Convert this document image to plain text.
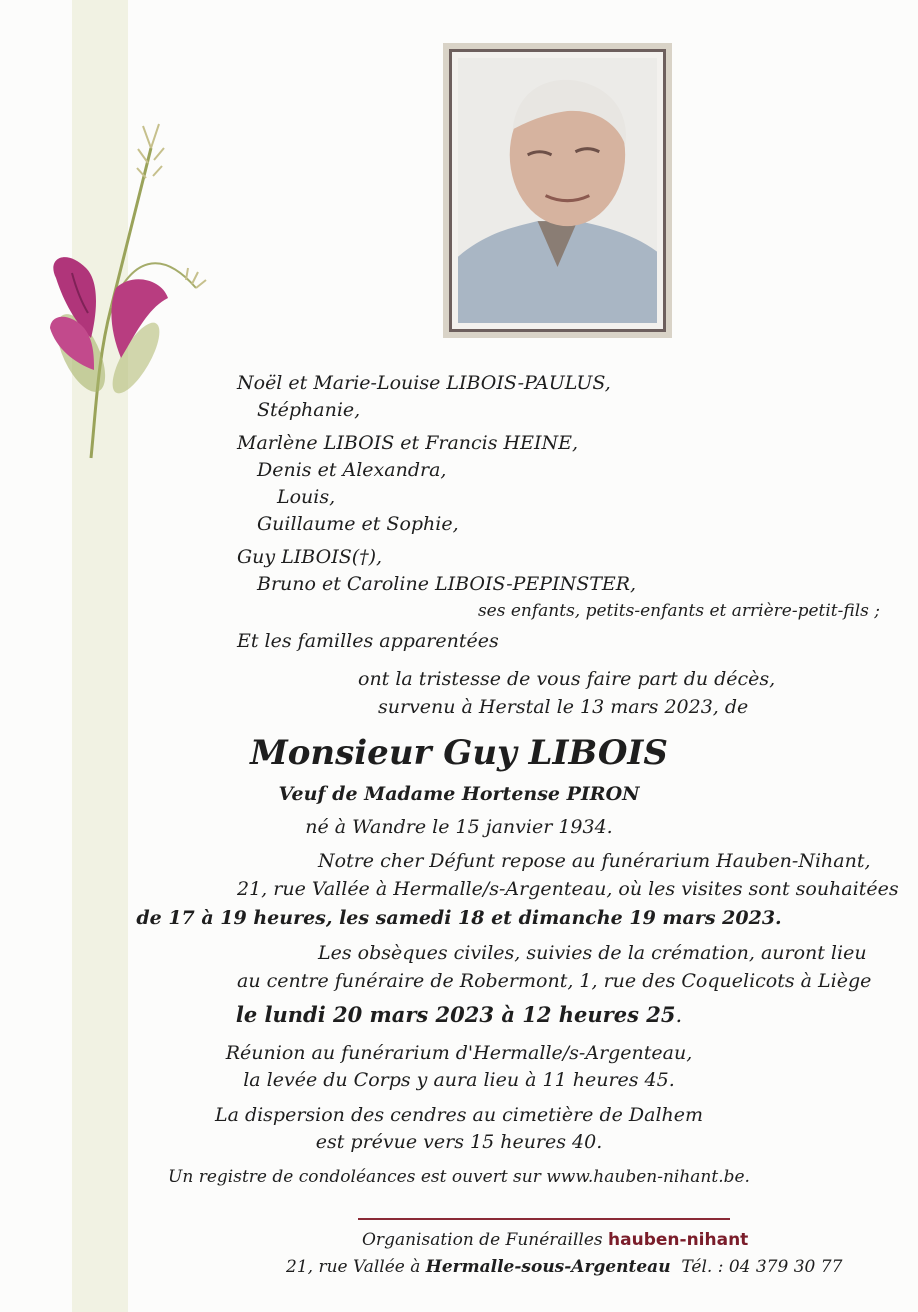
Noël et Marie-Louise LIBOIS-PAULUS,

Stéphanie,

Marlène LIBOIS et Francis HEINE,

Denis et Alexandra,

Louis,

Guillaume et Sophie,

Guy LIBOIS(†),

Bruno et Caroline LIBOIS-PEPINSTER,

ses enfants, petits-enfants et arrière-petit-fils ;

Et les familles apparentées

ont la tristesse de vous faire part du décès,

survenu à Herstal le 13 mars 2023, de

Monsieur Guy LIBOIS

Veuf de Madame Hortense PIRON

né à Wandre le 15 janvier 1934.

Notre cher Défunt repose au funérarium Hauben-Nihant,

21, rue Vallée à Hermalle/s-Argenteau, où les visites sont souhaitées

de 17 à 19 heures, les samedi 18 et dimanche 19 mars 2023.

Les obsèques civiles, suivies de la crémation, auront lieu

au centre funéraire de Robermont, 1, rue des Coquelicots à Liège

le lundi 20 mars 2023 à 12 heures 25.

Réunion au funérarium d'Hermalle/s-Argenteau,

la levée du Corps y aura lieu à 11 heures 45.

La dispersion des cendres au cimetière de Dalhem

est prévue vers 15 heures 40.

Un registre de condoléances est ouvert sur www.hauben-nihant.be.

Organisation de Funérailles hauben-nihant

21, rue Vallée à Hermalle-sous-Argenteau Tél. : 04 379 30 77
